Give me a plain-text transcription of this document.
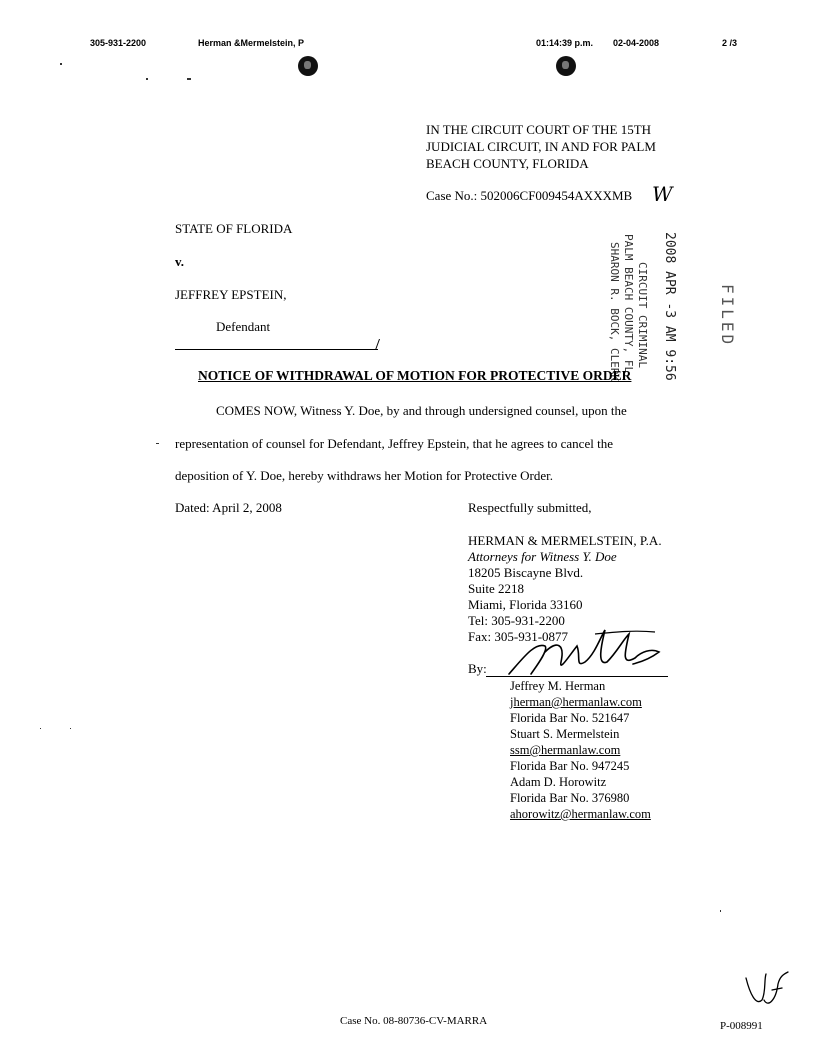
305-931-2200	Herman &Mermelstein, P	01:14:39 p.m. 02-04-2008	2 /3
IN THE CIRCUIT COURT OF THE 15TH
JUDICIAL CIRCUIT, IN AND FOR PALM
BEACH COUNTY, FLORIDA
Case No.: 502006CF009454AXXXMB W
STATE OF FLORIDA
v.
JEFFREY EPSTEIN,
Defendant	SHARON R. BOCK, CLERK PALM BEACH COUNTY, FL CIRCUIT CRIMINAL 2008 APR -3 AM 9:56	FILED
NOTICE OF WITHDRAWAL OF MOTION FOR PROTECTIVE ORDER
COMES NOW, Witness Y. Doe, by and through undersigned counsel, upon the
representation of counsel for Defendant, Jeffrey Epstein, that he agrees to cancel the
deposition of Y. Doe, hereby withdraws her Motion for Protective Order.
Dated: April 2, 2008	Respectfully submitted,
HERMAN & MERMELSTEIN, P.A.
Attorneys for Witness Y. Doe
18205 Biscayne Blvd.
Suite 2218
Miami, Florida 33160
Tel: 305-931-2200
Fax: 305-931-0877
By:
Jeffrey M. Herman
jherman@hermanlaw.com
Florida Bar No. 521647
Stuart S. Mermelstein
ssm@hermanlaw.com
Florida Bar No. 947245
Adam D. Horowitz
Florida Bar No. 376980
ahorowitz@hermanlaw.com
Case No. 08-80736-CV-MARRA	P-008991
